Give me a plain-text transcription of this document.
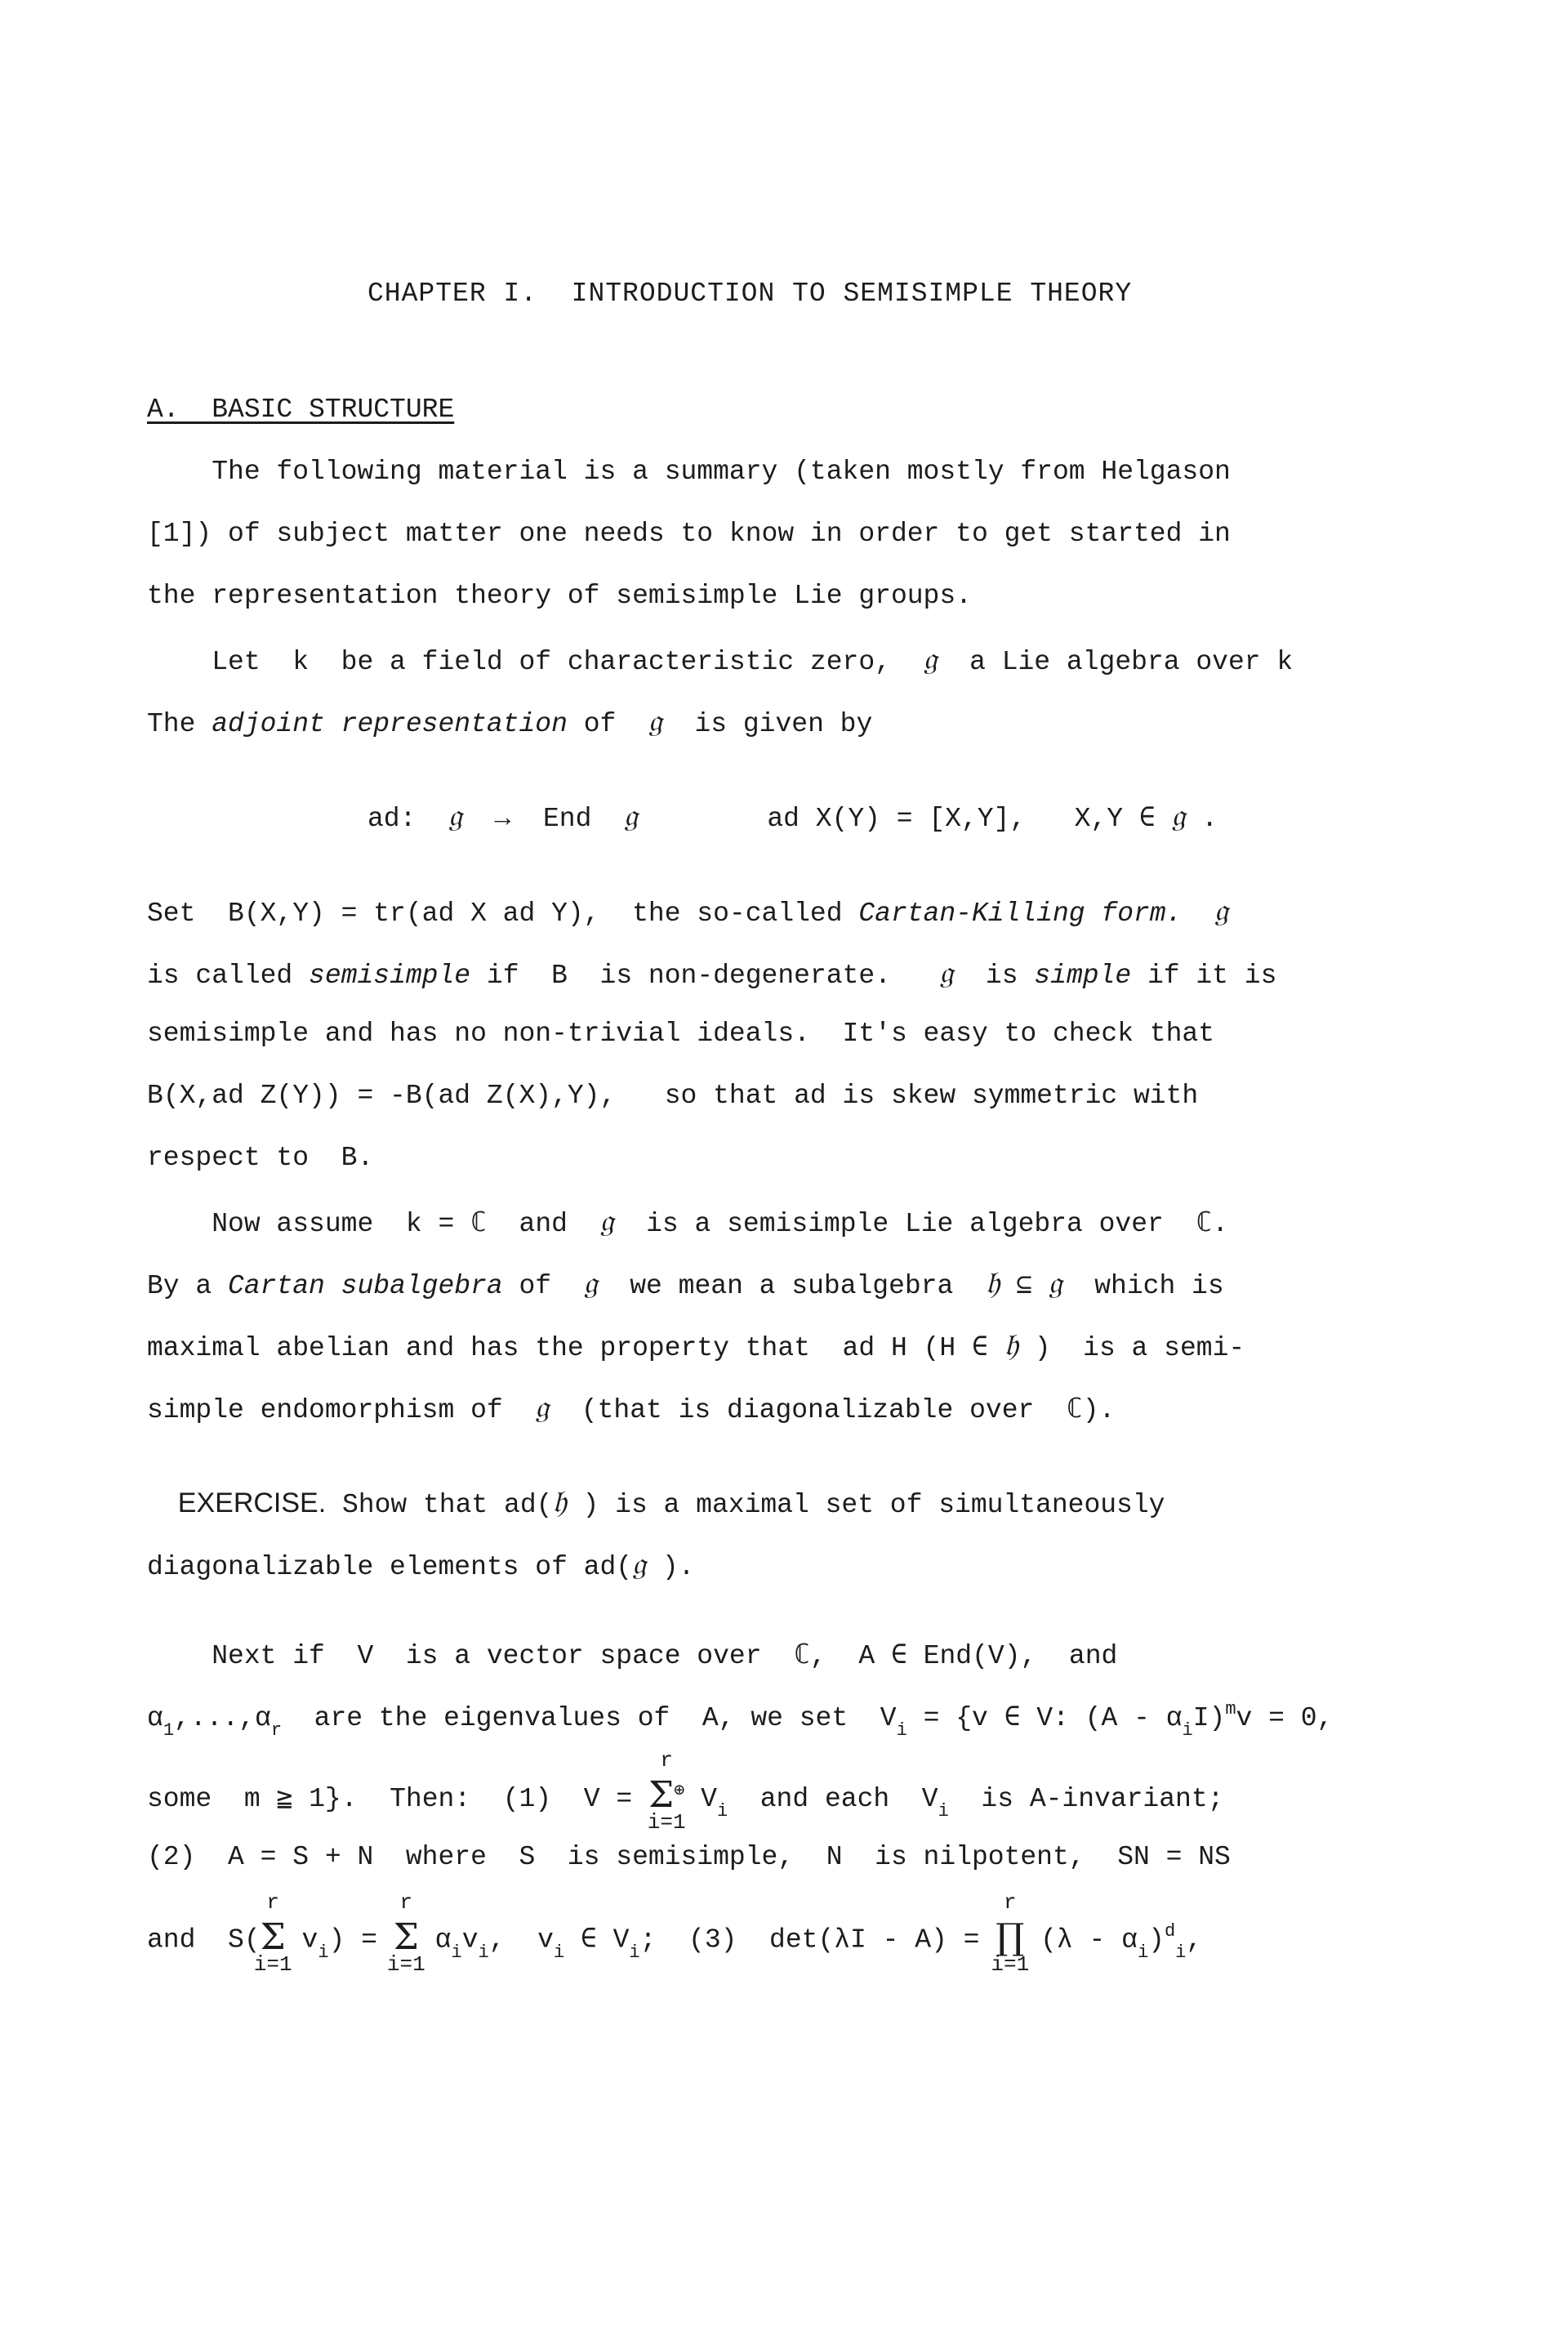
CHAPTER I.  INTRODUCTION TO SEMISIMPLE THEORY
A.  BASIC STRUCTURE
The following material is a summary (taken mostly from Helgason
[1]) of subject matter one needs to know in order to get started in
the representation theory of semisimple Lie groups.
Let  k  be a field of characteristic zero,  𝔤  a Lie algebra over k
The adjoint representation of  𝔤  is given by
ad:  𝔤  →  End  𝔤        ad X(Y) = [X,Y],   X,Y ∈ 𝔤 .
Set  B(X,Y) = tr(ad X ad Y),  the so-called Cartan-Killing form. 𝔤
is called semisimple if  B  is non-degenerate.   𝔤  is simple if it is
semisimple and has no non-trivial ideals.  It's easy to check that
B(X,ad Z(Y)) = -B(ad Z(X),Y),   so that ad is skew symmetric with
respect to  B.
Now assume  k = ℂ  and  𝔤  is a semisimple Lie algebra over  ℂ.
By a Cartan subalgebra of  𝔤  we mean a subalgebra  𝔥 ⊆ 𝔤  which is
maximal abelian and has the property that  ad H (H ∈ 𝔥 )  is a semi-
simple endomorphism of  𝔤  (that is diagonalizable over  ℂ).
EXERCISE. Show that ad(𝔥 ) is a maximal set of simultaneously
diagonalizable elements of ad(𝔤 ).
Next if  V  is a vector space over  ℂ,  A ∈ End(V),  and
$\alpha_1,...,\alpha_r$  are the eigenvalues of  A, we set  $V_i = \{v$ ∈ V: $(A - \alpha_iI)^mv = 0$,
some  m ≧ 1}.  Then:  (1)  V =
r
Σ⊕
i=1
$V_i$  and each  $V_i$  is A-invariant;
(2)  A = S + N  where  S  is semisimple,  N  is nilpotent,  SN = NS
and  S(
r
Σ
i=1
$v_i$) =
r
Σ
i=1
$\alpha_iv_i$,  $v_i$ ∈ $V_i$;  (3)  det(λI - A) =
r
∏
i=1
$(\lambda - \alpha_i)^d_i$,
